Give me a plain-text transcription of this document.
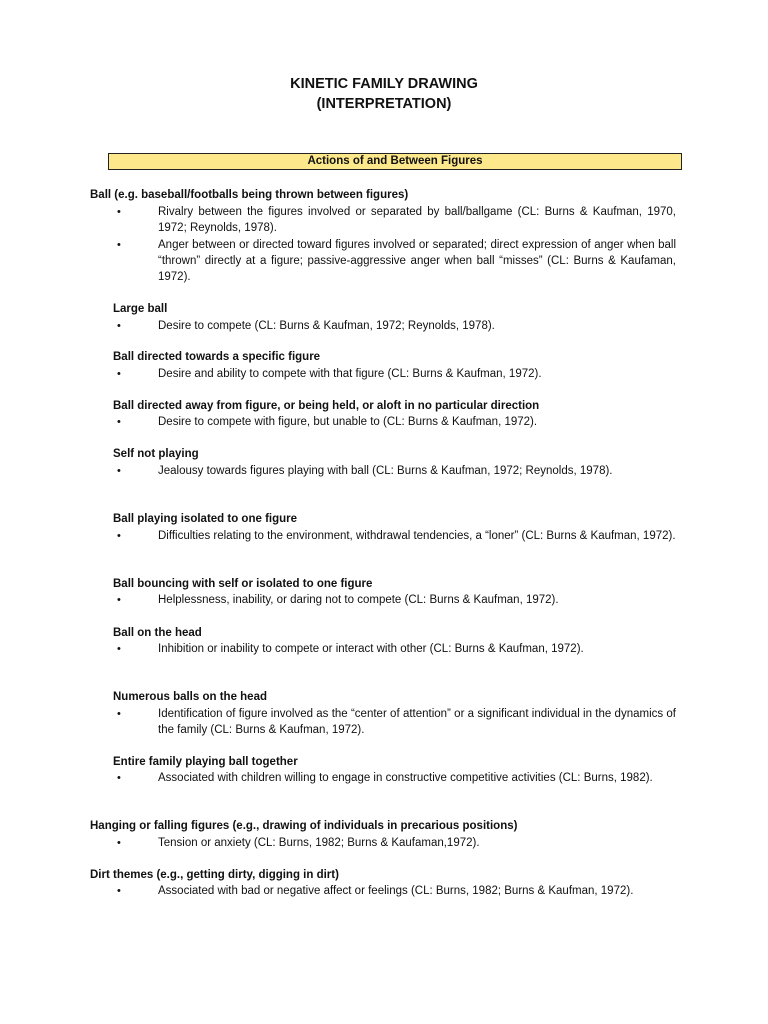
KINETIC FAMILY DRAWING
(INTERPRETATION)
Actions of and Between Figures
Ball (e.g. baseball/footballs being thrown between figures)
•	Rivalry between the figures involved or separated by ball/ballgame (CL: Burns & Kaufman, 1970, 1972; Reynolds, 1978).
•	Anger between or directed toward figures involved or separated; direct expression of anger when ball “thrown” directly at a figure; passive-aggressive anger when ball “misses” (CL: Burns & Kaufaman, 1972).
Large ball
•	Desire to compete (CL: Burns & Kaufman, 1972; Reynolds, 1978).
Ball directed towards a specific figure
•	Desire and ability to compete with that figure (CL: Burns & Kaufman, 1972).
Ball directed away from figure, or being held, or aloft in no particular direction
•	Desire to compete with figure, but unable to (CL: Burns & Kaufman, 1972).
Self not playing
•	Jealousy towards figures playing with ball (CL: Burns & Kaufman, 1972; Reynolds, 1978).
Ball playing isolated to one figure
•	Difficulties relating to the environment, withdrawal tendencies, a “loner” (CL: Burns & Kaufman, 1972).
Ball bouncing with self or isolated to one figure
•	Helplessness, inability, or daring not to compete (CL: Burns & Kaufman, 1972).
Ball on the head
•	Inhibition or inability to compete or interact with other (CL: Burns & Kaufman, 1972).
Numerous balls on the head
•	Identification of figure involved as the “center of attention” or a significant individual in the dynamics of the family (CL: Burns & Kaufman, 1972).
Entire family playing ball together
•	Associated with children willing to engage in constructive competitive activities (CL: Burns, 1982).
Hanging or falling figures (e.g., drawing of individuals in precarious positions)
•	Tension or anxiety (CL: Burns, 1982; Burns & Kaufaman,1972).
Dirt themes (e.g., getting dirty, digging in dirt)
•	Associated with bad or negative affect or feelings (CL: Burns, 1982; Burns & Kaufman, 1972).
